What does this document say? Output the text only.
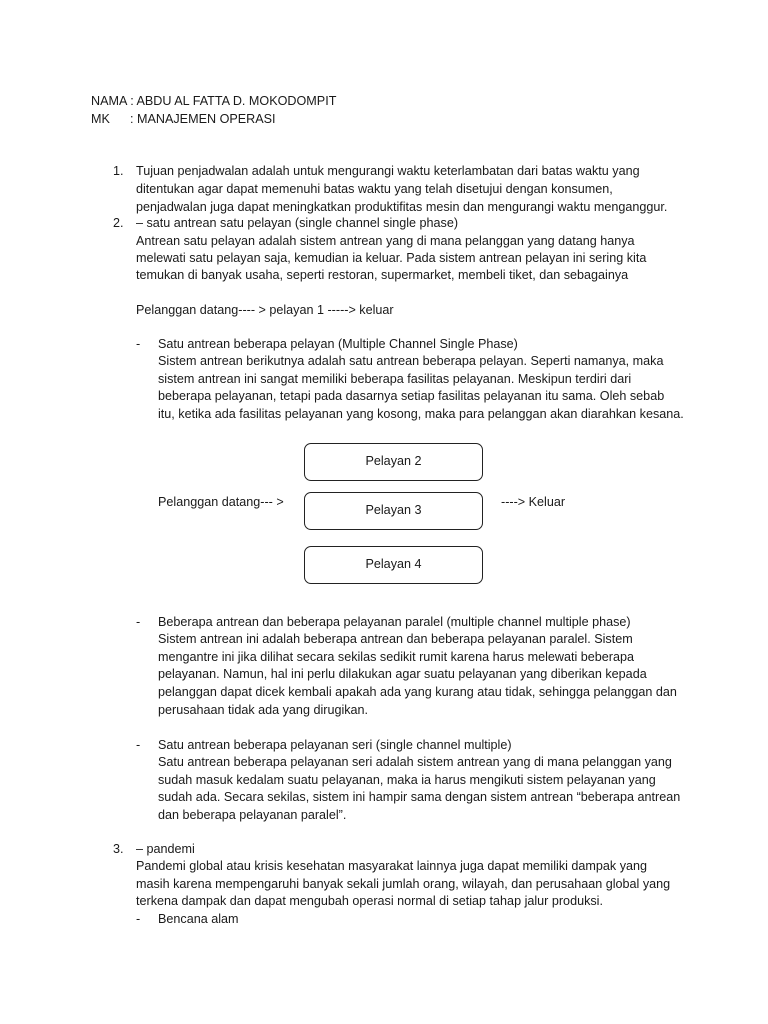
NAMA : ABDU AL FATTA D. MOKODOMPIT
MK : MANAJEMEN OPERASI
1. Tujuan penjadwalan adalah untuk mengurangi waktu keterlambatan dari batas waktu yang
ditentukan agar dapat memenuhi batas waktu yang telah disetujui dengan konsumen,
penjadwalan juga dapat meningkatkan produktifitas mesin dan mengurangi waktu menganggur.
2. – satu antrean satu pelayan (single channel single phase)
Antrean satu pelayan adalah sistem antrean yang di mana pelanggan yang datang hanya
melewati satu pelayan saja, kemudian ia keluar. Pada sistem antrean pelayan ini sering kita
temukan di banyak usaha, seperti restoran, supermarket, membeli tiket, dan sebagainya
Pelanggan datang---- > pelayan 1 -----> keluar
- Satu antrean beberapa pelayan (Multiple Channel Single Phase)
Sistem antrean berikutnya adalah satu antrean beberapa pelayan. Seperti namanya, maka
sistem antrean ini sangat memiliki beberapa fasilitas pelayanan. Meskipun terdiri dari
beberapa pelayanan, tetapi pada dasarnya setiap fasilitas pelayanan itu sama. Oleh sebab
itu, ketika ada fasilitas pelayanan yang kosong, maka para pelanggan akan diarahkan kesana.
Pelayan 2
Pelayan 3
Pelayan 4
Pelanggan datang--- >	----> Keluar
- Beberapa antrean dan beberapa pelayanan paralel (multiple channel multiple phase)
Sistem antrean ini adalah beberapa antrean dan beberapa pelayanan paralel. Sistem
mengantre ini jika dilihat secara sekilas sedikit rumit karena harus melewati beberapa
pelayanan. Namun, hal ini perlu dilakukan agar suatu pelayanan yang diberikan kepada
pelanggan dapat dicek kembali apakah ada yang kurang atau tidak, sehingga pelanggan dan
perusahaan tidak ada yang dirugikan.
- Satu antrean beberapa pelayanan seri (single channel multiple)
Satu antrean beberapa pelayanan seri adalah sistem antrean yang di mana pelanggan yang
sudah masuk kedalam suatu pelayanan, maka ia harus mengikuti sistem pelayanan yang
sudah ada. Secara sekilas, sistem ini hampir sama dengan sistem antrean “beberapa antrean
dan beberapa pelayanan paralel”.
3. – pandemi
Pandemi global atau krisis kesehatan masyarakat lainnya juga dapat memiliki dampak yang
masih karena mempengaruhi banyak sekali jumlah orang, wilayah, dan perusahaan global yang
terkena dampak dan dapat mengubah operasi normal di setiap tahap jalur produksi.
- Bencana alam
